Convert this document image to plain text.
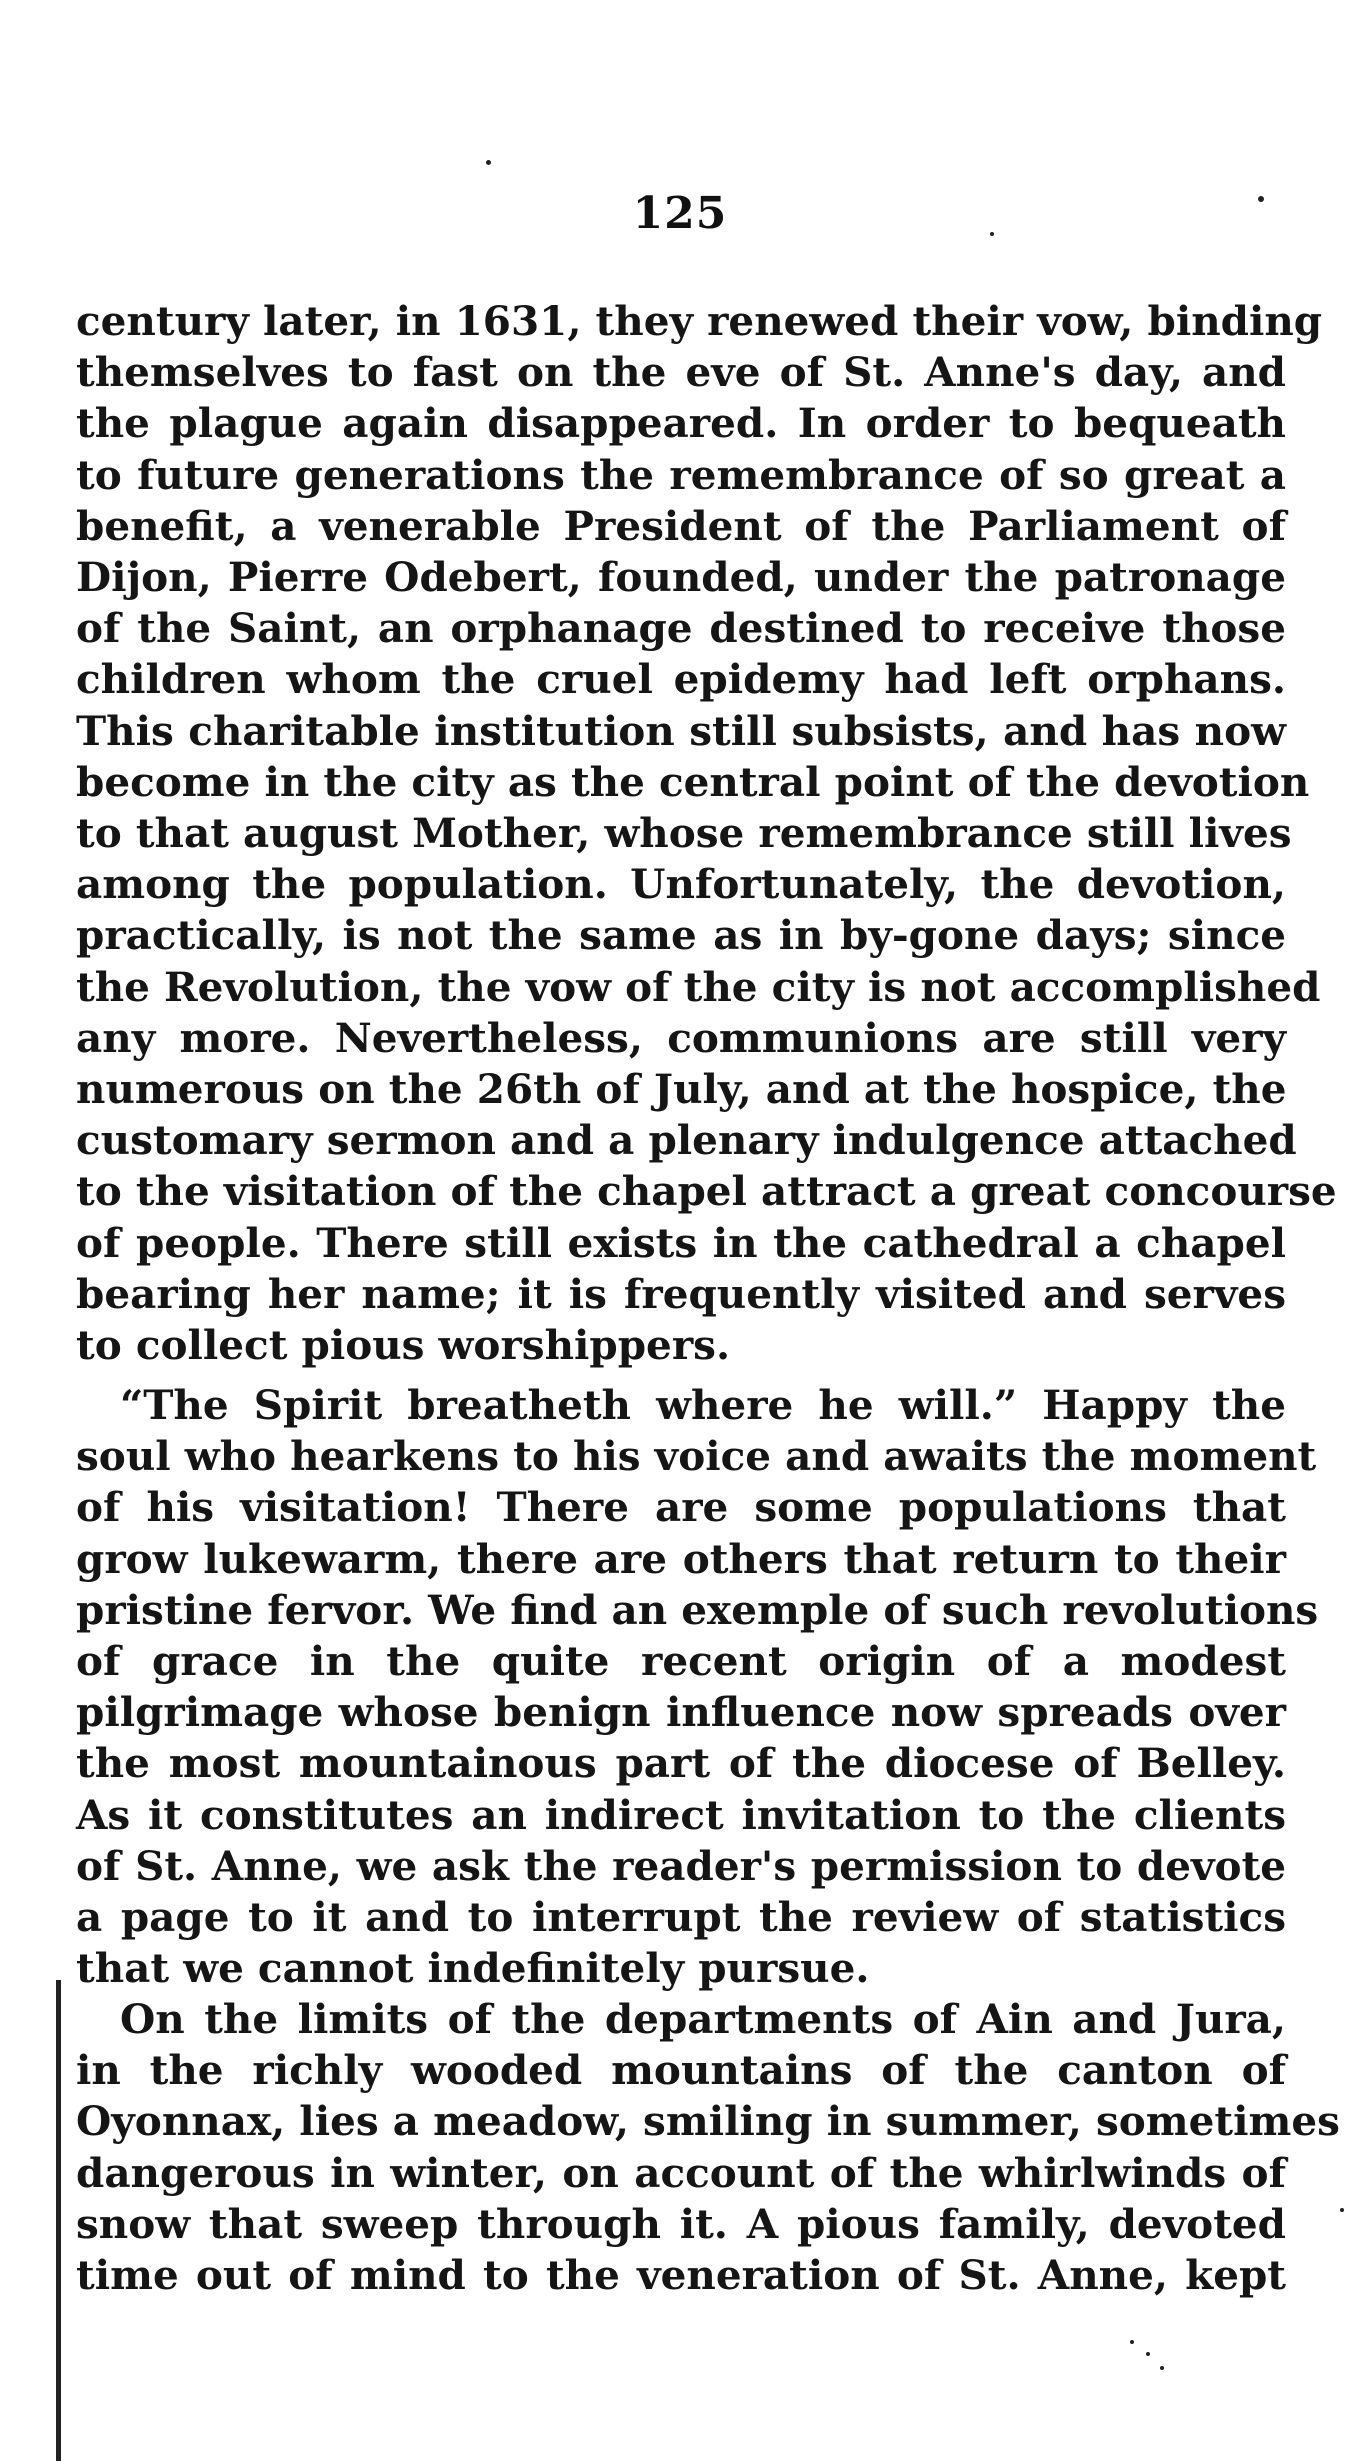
125
century later, in 1631, they renewed their vow, binding
themselves to fast on the eve of St. Anne's day, and
the plague again disappeared. In order to bequeath
to future generations the remembrance of so great a
benefit, a venerable President of the Parliament of
Dijon, Pierre Odebert, founded, under the patronage
of the Saint, an orphanage destined to receive those
children whom the cruel epidemy had left orphans.
This charitable institution still subsists, and has now
become in the city as the central point of the devotion
to that august Mother, whose remembrance still lives
among the population. Unfortunately, the devotion,
practically, is not the same as in by-gone days; since
the Revolution, the vow of the city is not accomplished
any more. Nevertheless, communions are still very
numerous on the 26th of July, and at the hospice, the
customary sermon and a plenary indulgence attached
to the visitation of the chapel attract a great concourse
of people. There still exists in the cathedral a chapel
bearing her name; it is frequently visited and serves
to collect pious worshippers.
“The Spirit breatheth where he will.” Happy the
soul who hearkens to his voice and awaits the moment
of his visitation! There are some populations that
grow lukewarm, there are others that return to their
pristine fervor. We find an exemple of such revolutions
of grace in the quite recent origin of a modest
pilgrimage whose benign influence now spreads over
the most mountainous part of the diocese of Belley.
As it constitutes an indirect invitation to the clients
of St. Anne, we ask the reader's permission to devote
a page to it and to interrupt the review of statistics
that we cannot indefinitely pursue.
On the limits of the departments of Ain and Jura,
in the richly wooded mountains of the canton of
Oyonnax, lies a meadow, smiling in summer, sometimes
dangerous in winter, on account of the whirlwinds of
snow that sweep through it. A pious family, devoted
time out of mind to the veneration of St. Anne, kept
